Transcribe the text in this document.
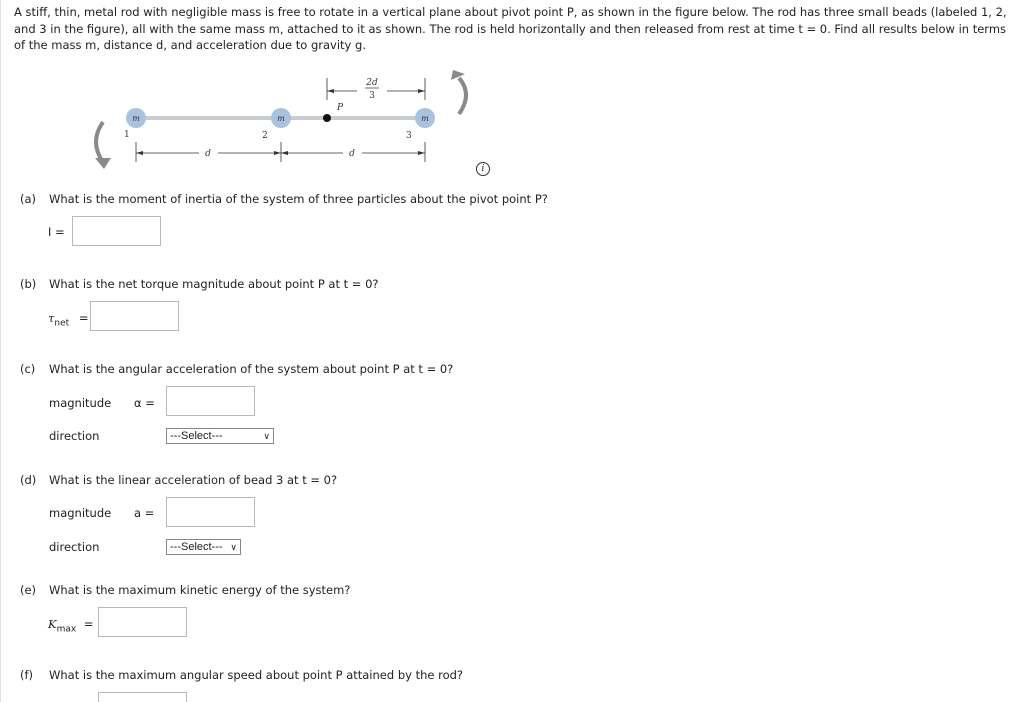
A stiff, thin, metal rod with negligible mass is free to rotate in a vertical plane about pivot point P, as shown in the figure below. The rod has three small beads (labeled 1, 2, and 3 in the figure), all with the same mass m, attached to it as shown. The rod is held horizontally and then released from rest at time t = 0. Find all results below in terms of the mass m, distance d, and acceleration due to gravity g.
m	m	m
1	2	3
P
2d
3
d	d
i
(a) What is the moment of inertia of the system of three particles about the pivot point P?
I =
(b) What is the net torque magnitude about point P at t = 0?
$\tau_{net}$ =
(c) What is the angular acceleration of the system about point P at t = 0?
magnitude α =
direction	---Select---	∨
(d) What is the linear acceleration of bead 3 at t = 0?
magnitude a =
direction	---Select--- ∨
(e) What is the maximum kinetic energy of the system?
$K_{max}$ =
(f) What is the maximum angular speed about point P attained by the rod?
